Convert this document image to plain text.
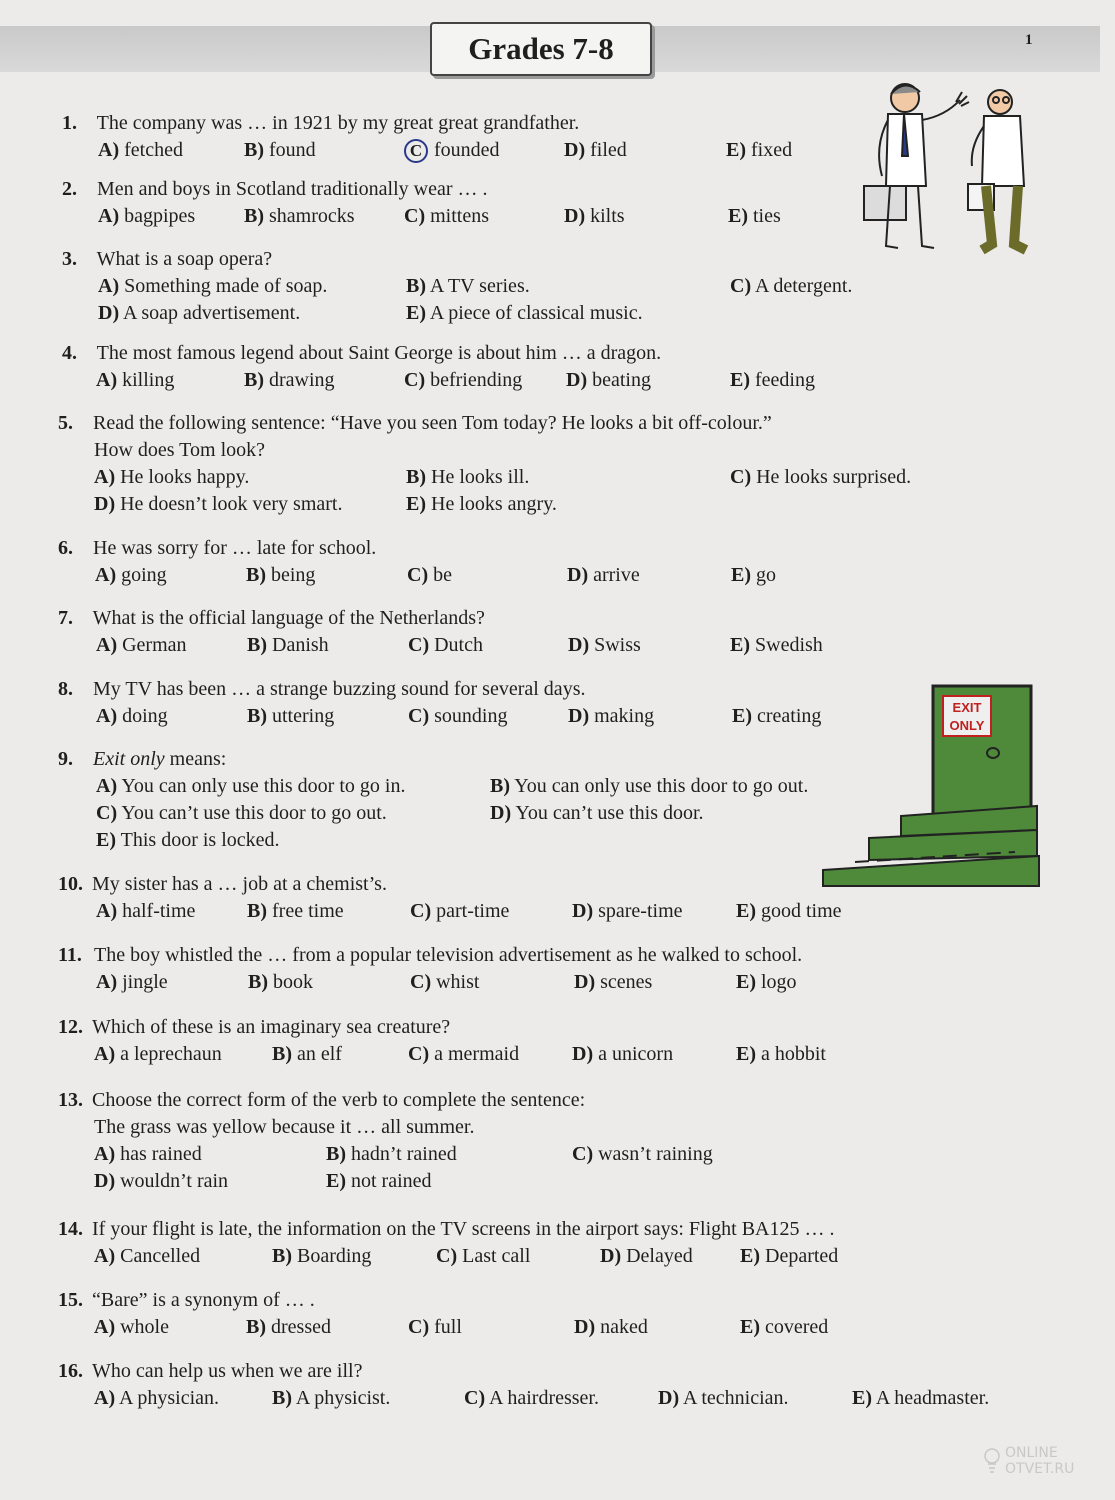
Grades 7-8	1
1. The company was … in 1921 by my great great grandfather.
A) fetched	B) found	C founded	D) filed	E) fixed
2. Men and boys in Scotland traditionally wear … .
A) bagpipes B) shamrocks C) mittens	D) kilts	E) ties
3. What is a soap opera?
A) Something made of soap.	B) A TV series.	C) A detergent.
D) A soap advertisement.	E) A piece of classical music.
4. The most famous legend about Saint George is about him … a dragon.
A) killing	B) drawing	C) befriending D) beating	E) feeding
5. Read the following sentence: “Have you seen Tom today? He looks a bit off-colour.”
How does Tom look?
A) He looks happy.	B) He looks ill.	C) He looks surprised.
D) He doesn’t look very smart.	E) He looks angry.
6. He was sorry for … late for school.
A) going	B) being	C) be	D) arrive	E) go
7. What is the official language of the Netherlands?
A) German	B) Danish	C) Dutch	D) Swiss	E) Swedish
8. My TV has been … a strange buzzing sound for several days.
A) doing	B) uttering	C) sounding	D) making	E) creating
9. Exit only means:
A) You can only use this door to go in.	B) You can only use this door to go out.
C) You can’t use this door to go out.	D) You can’t use this door.
E) This door is locked.
10. My sister has a … job at a chemist’s.
A) half-time	B) free time	C) part-time	D) spare-time	E) good time
11. The boy whistled the … from a popular television advertisement as he walked to school.
A) jingle	B) book	C) whist	D) scenes	E) logo
12. Which of these is an imaginary sea creature?
A) a leprechaun	B) an elf	C) a mermaid	D) a unicorn	E) a hobbit
13. Choose the correct form of the verb to complete the sentence:
The grass was yellow because it … all summer.
A) has rained	B) hadn’t rained	C) wasn’t raining
D) wouldn’t rain	E) not rained
14. If your flight is late, the information on the TV screens in the airport says: Flight BA125 … .
A) Cancelled	B) Boarding	C) Last call	D) Delayed E) Departed
15. “Bare” is a synonym of … .
A) whole	B) dressed	C) full	D) naked	E) covered
16. Who can help us when we are ill?
A) A physician.	B) A physicist.	C) A hairdresser.	D) A technician.	E) A headmaster.
EXIT
ONLY
ONLINE
OTVET.RU
